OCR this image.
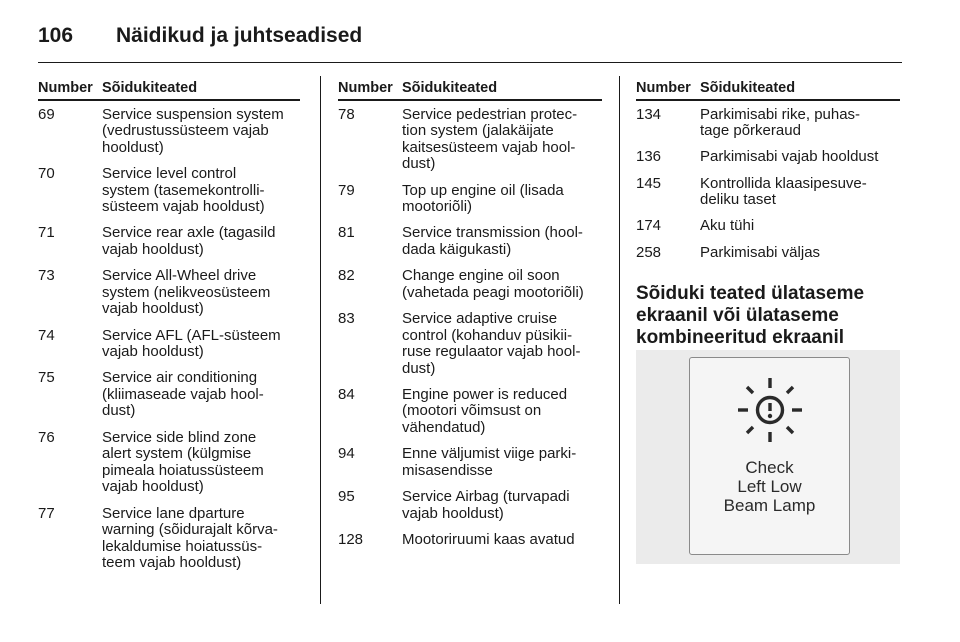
106	Näidikud ja juhtseadised
Number Sõidukiteated
69	Service suspension system
(vedrustussüsteem vajab
hooldust)
70	Service level control
system (tasemekontrolli-
süsteem vajab hooldust)
71	Service rear axle (tagasild
vajab hooldust)
73	Service All-Wheel drive
system (nelikveosüsteem
vajab hooldust)
74	Service AFL (AFL-süsteem
vajab hooldust)
75	Service air conditioning
(kliimaseade vajab hool-
dust)
76	Service side blind zone
alert system (külgmise
pimeala hoiatussüsteem
vajab hooldust)
77	Service lane dparture
warning (sõidurajalt kõrva-
lekaldumise hoiatussüs-
teem vajab hooldust)
Number Sõidukiteated
78	Service pedestrian protec-
tion system (jalakäijate
kaitsesüsteem vajab hool-
dust)
79	Top up engine oil (lisada
mootoriõli)
81	Service transmission (hool-
dada käigukasti)
82	Change engine oil soon
(vahetada peagi mootoriõli)
83	Service adaptive cruise
control (kohanduv püsikii-
ruse regulaator vajab hool-
dust)
84	Engine power is reduced
(mootori võimsust on
vähendatud)
94	Enne väljumist viige parki-
misasendisse
95	Service Airbag (turvapadi
vajab hooldust)
128	Mootoriruumi kaas avatud
Number Sõidukiteated
134	Parkimisabi rike, puhas-
tage põrkeraud
136	Parkimisabi vajab hooldust
145	Kontrollida klaasipesuve-
deliku taset
174	Aku tühi
258	Parkimisabi väljas
Sõiduki teated ülataseme
ekraanil või ülataseme
kombineeritud ekraanil
Check
Left Low
Beam Lamp
